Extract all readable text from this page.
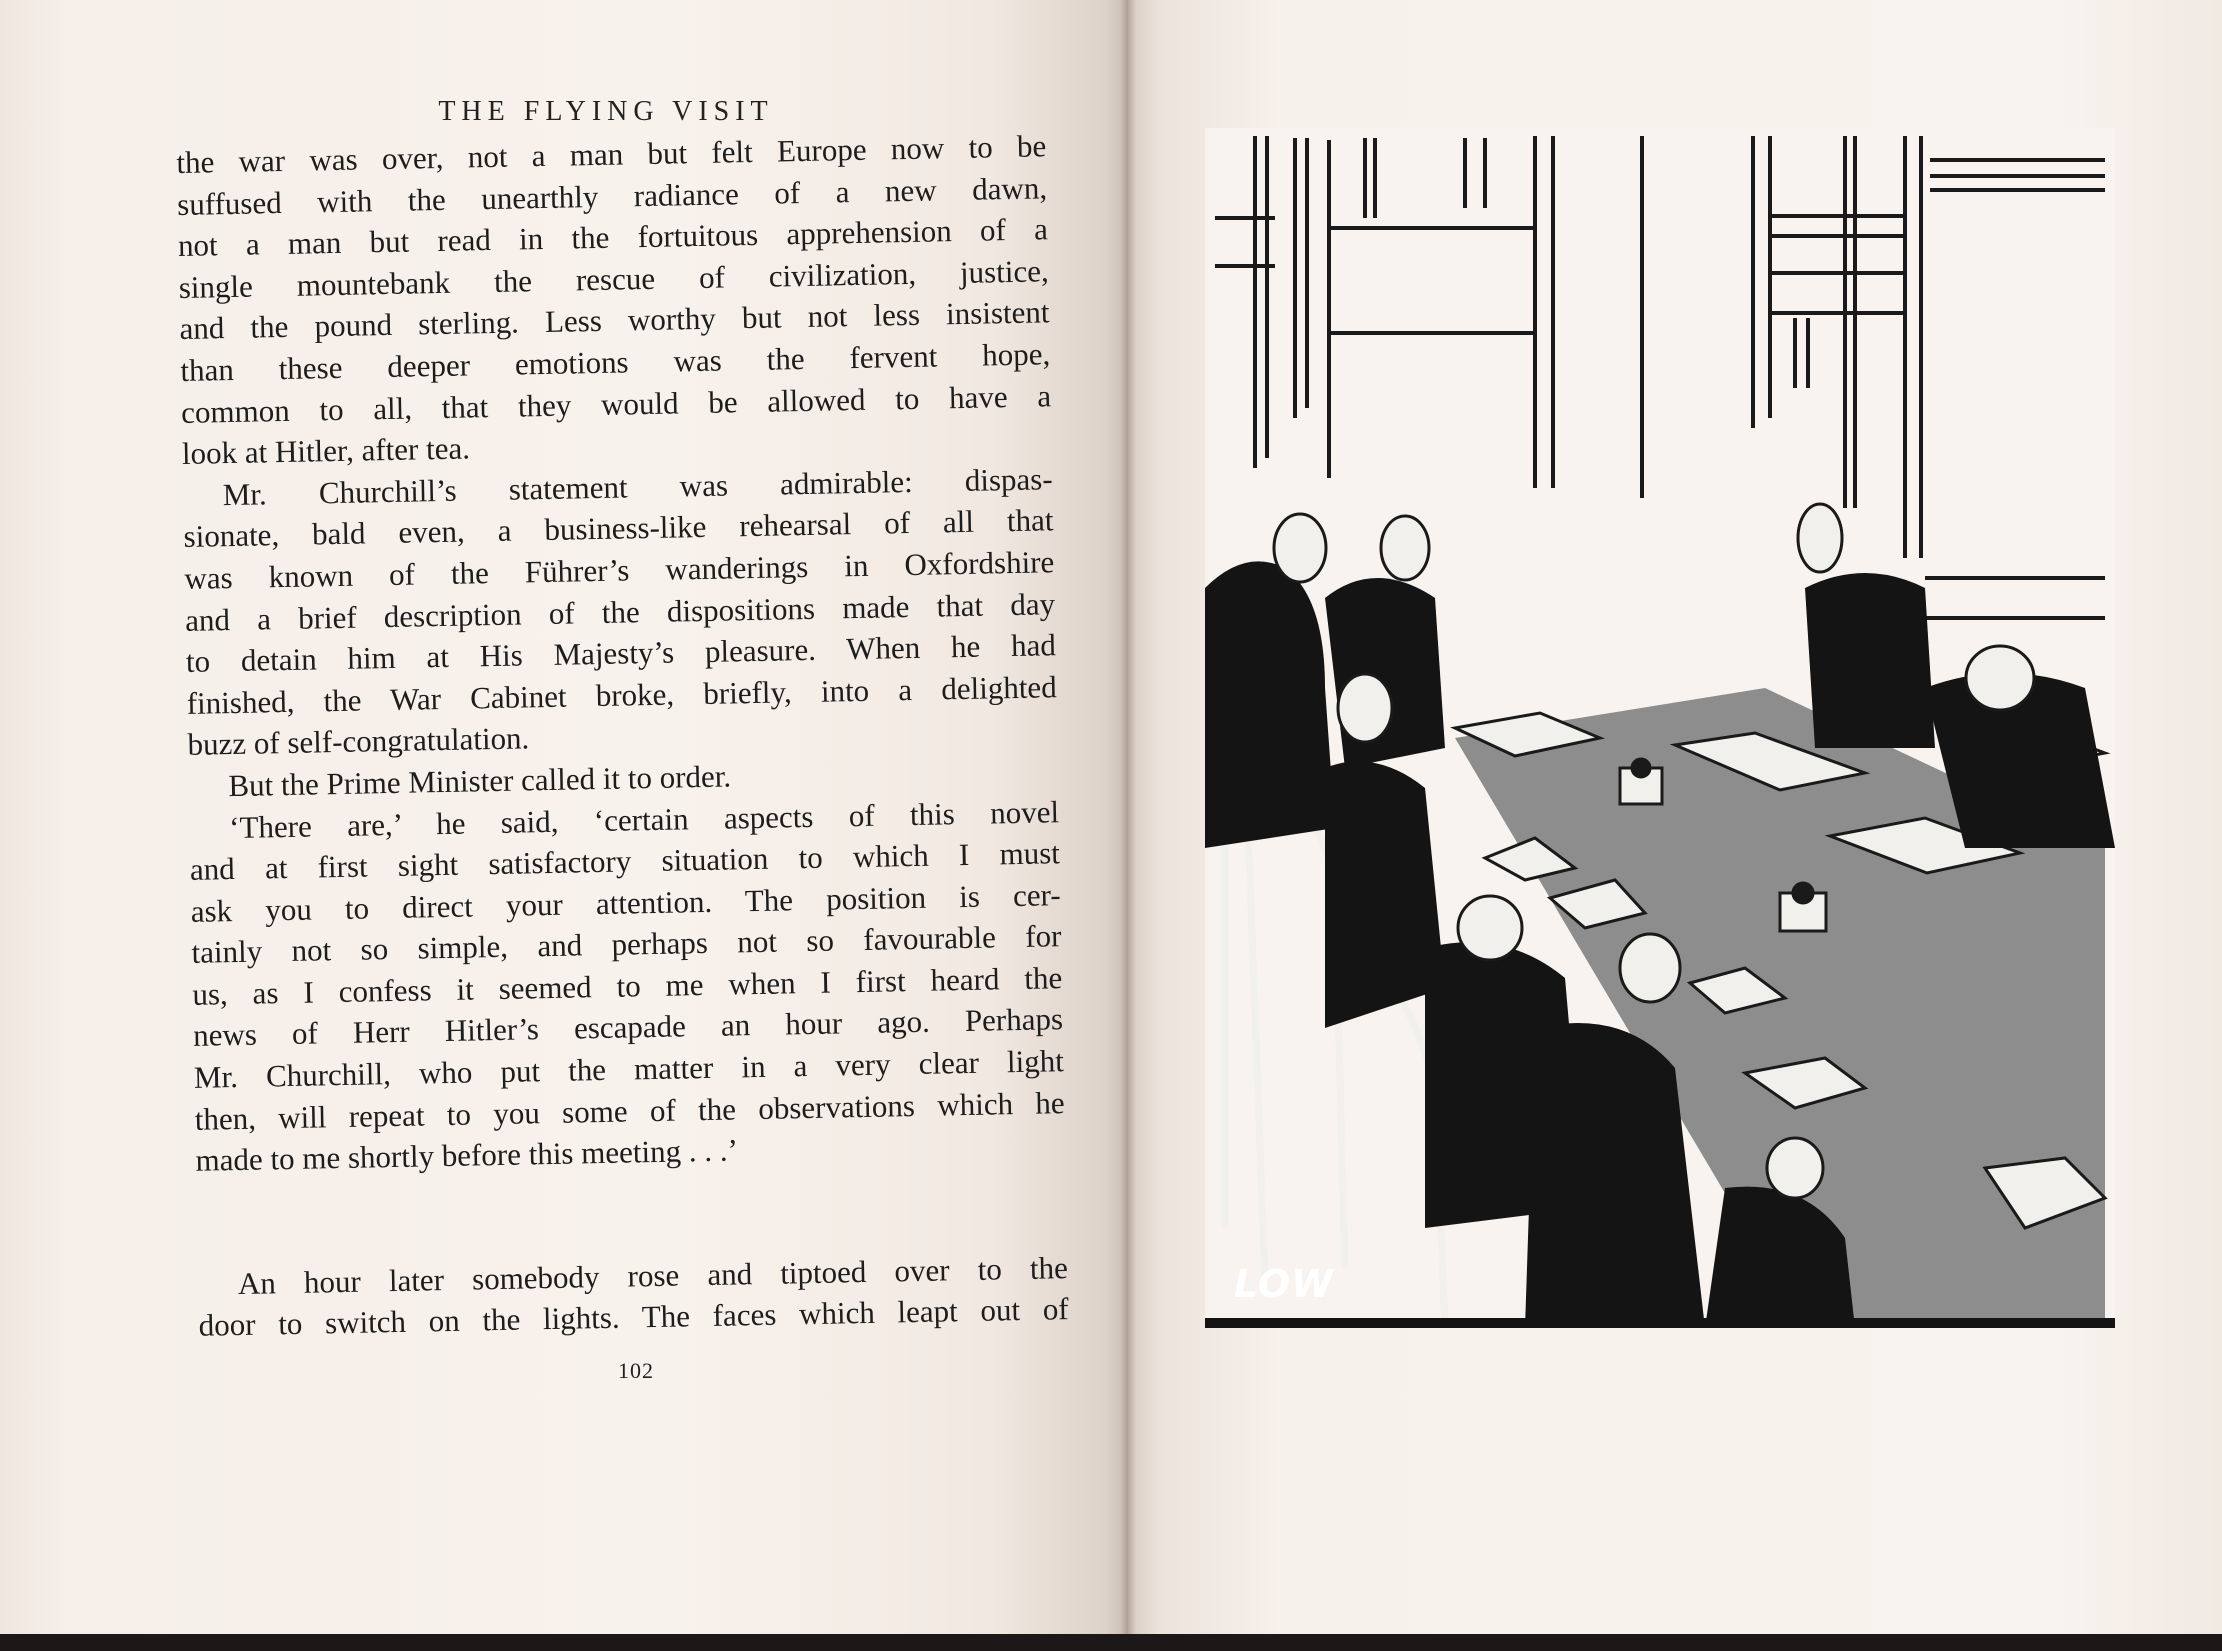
THE FLYING VISIT
the war was over, not a man but felt Europe now to be
suffused with the unearthly radiance of a new dawn,
not a man but read in the fortuitous apprehension of a
single mountebank the rescue of civilization, justice,
and the pound sterling. Less worthy but not less insistent
than these deeper emotions was the fervent hope,
common to all, that they would be allowed to have a
look at Hitler, after tea.
Mr. Churchill’s statement was admirable: dispas-
sionate, bald even, a business-like rehearsal of all that
was known of the Führer’s wanderings in Oxfordshire
and a brief description of the dispositions made that day
to detain him at His Majesty’s pleasure. When he had
finished, the War Cabinet broke, briefly, into a delighted
buzz of self-congratulation.
But the Prime Minister called it to order.
‘There are,’ he said, ‘certain aspects of this novel
and at first sight satisfactory situation to which I must
ask you to direct your attention. The position is cer-
tainly not so simple, and perhaps not so favourable for
us, as I confess it seemed to me when I first heard the
news of Herr Hitler’s escapade an hour ago. Perhaps
Mr. Churchill, who put the matter in a very clear light
then, will repeat to you some of the observations which he
made to me shortly before this meeting . . .’
An hour later somebody rose and tiptoed over to the
door to switch on the lights. The faces which leapt out of
102
LOW
